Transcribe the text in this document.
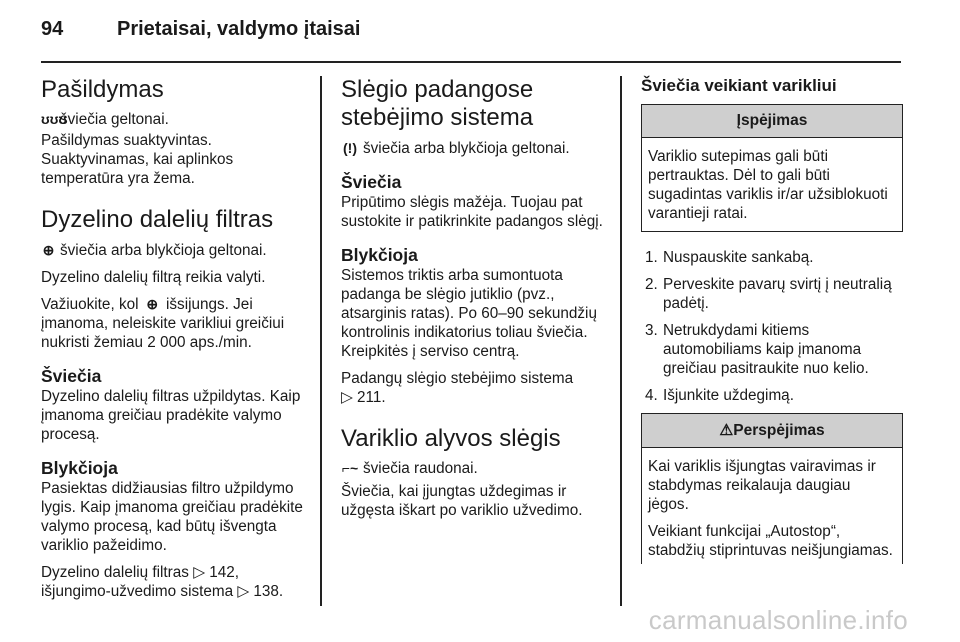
94	Prietaisai, valdymo įtaisai
Pašildymas
ʊʊʊšviečia geltonai.
Pašildymas suaktyvintas. Suaktyvinamas, kai aplinkos temperatūra yra žema.
Dyzelino dalelių filtras
⊕ šviečia arba blykčioja geltonai.
Dyzelino dalelių filtrą reikia valyti.
Važiuokite, kol ⊕ išsijungs. Jei įmanoma, neleiskite varikliui greičiui nukristi žemiau 2 000 aps./min.
Šviečia
Dyzelino dalelių filtras užpildytas. Kaip įmanoma greičiau pradėkite valymo procesą.
Blykčioja
Pasiektas didžiausias filtro užpildymo lygis. Kaip įmanoma greičiau pradėkite valymo procesą, kad būtų išvengta variklio pažeidimo.
Dyzelino dalelių filtras ▷ 142,
išjungimo-užvedimo sistema ▷ 138.
Slėgio padangose stebėjimo sistema
(!) šviečia arba blykčioja geltonai.
Šviečia
Pripūtimo slėgis mažėja. Tuojau pat sustokite ir patikrinkite padangos slėgį.
Blykčioja
Sistemos triktis arba sumontuota padanga be slėgio jutiklio (pvz., atsarginis ratas). Po 60–90 sekundžių kontrolinis indikatorius toliau šviečia. Kreipkitės į serviso centrą.
Padangų slėgio stebėjimo sistema
▷ 211.
Variklio alyvos slėgis
⌐~ šviečia raudonai.
Šviečia, kai įjungtas uždegimas ir užgęsta iškart po variklio užvedimo.
Šviečia veikiant varikliui
Įspėjimas
Variklio sutepimas gali būti pertrauktas. Dėl to gali būti sugadintas variklis ir/ar užsiblokuoti varantieji ratai.
1. Nuspauskite sankabą.
2. Perveskite pavarų svirtį į neutralią padėtį.
3. Netrukdydami kitiems automobiliams kaip įmanoma greičiau pasitraukite nuo kelio.
4. Išjunkite uždegimą.
⚠Perspėjimas
Kai variklis išjungtas vairavimas ir stabdymas reikalauja daugiau jėgos.
Veikiant funkcijai „Autostop“, stabdžių stiprintuvas neišjungiamas.
carmanualsonline.info
